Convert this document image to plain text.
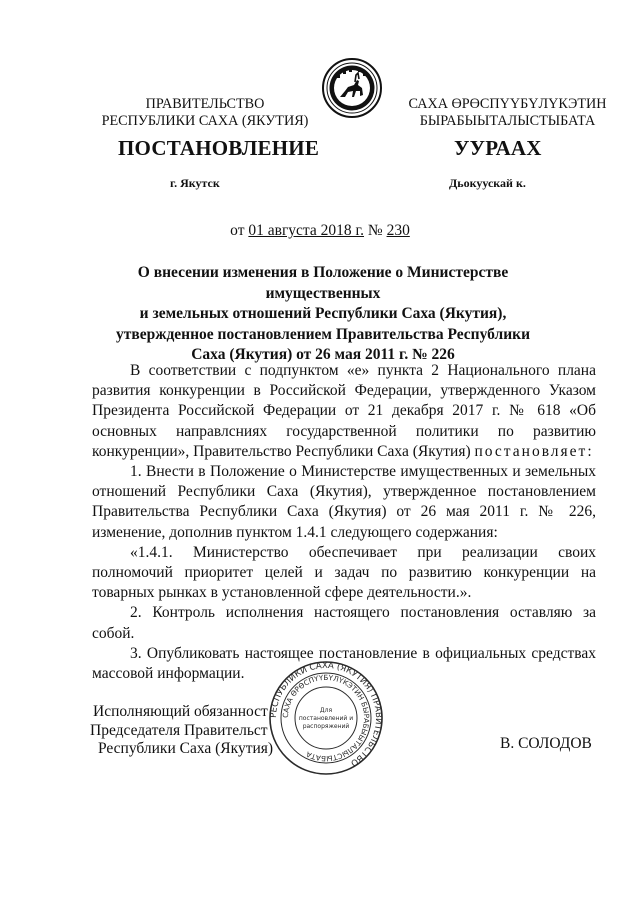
ПРАВИТЕЛЬСТВО
РЕСПУБЛИКИ САХА (ЯКУТИЯ)
САХА ӨРӨСПҮҮБҮЛҮКЭТИН
БЫРАБЫЫТАЛЫСТЫБАТА
ПОСТАНОВЛЕНИЕ	УУРААХ
г. Якутск	Дьокуускай к.
от 01 августа 2018 г. № 230
О внесении изменения в Положение о Министерстве имущественных
и земельных отношений Республики Саха (Якутия),
утвержденное постановлением Правительства Республики
Саха (Якутия) от 26 мая 2011 г. № 226

В соответствии с подпунктом «е» пункта 2 Национального плана развития конкуренции в Российской Федерации, утвержденного Указом Президента Российской Федерации от 21 декабря 2017 г. № 618 «Об основных направлсниях государственной политики по развитию конкуренции», Правительство Республики Саха (Якутия) постановляет:

1. Внести в Положение о Министерстве имущественных и земельных отношений Республики Саха (Якутия), утвержденное постановлением Правительства Республики Саха (Якутия) от 26 мая 2011 г. № 226, изменение, дополнив пунктом 1.4.1 следующего содержания:

«1.4.1. Министерство обеспечивает при реализации своих полномочий приоритет целей и задач по развитию конкуренции на товарных рынках в установленной сфере деятельности.».

2. Контроль исполнения настоящего постановления оставляю за собой.

3. Опубликовать настоящее постановление в официальных средствах массовой информации.

Исполняющий обязанност
Председателя Правительст
Республики Саха (Якутия)	В. СОЛОДОВ
РЕСПУБЛИКИ САХА (ЯКУТИЯ) ПРАВИТЕЛЬСТВО
САХА ӨРӨСПҮҮБҮЛҮКЭТИН БЫРАБЫЫТАЛЫСТЫБАТА
Для
постановлений и
распоряжений
